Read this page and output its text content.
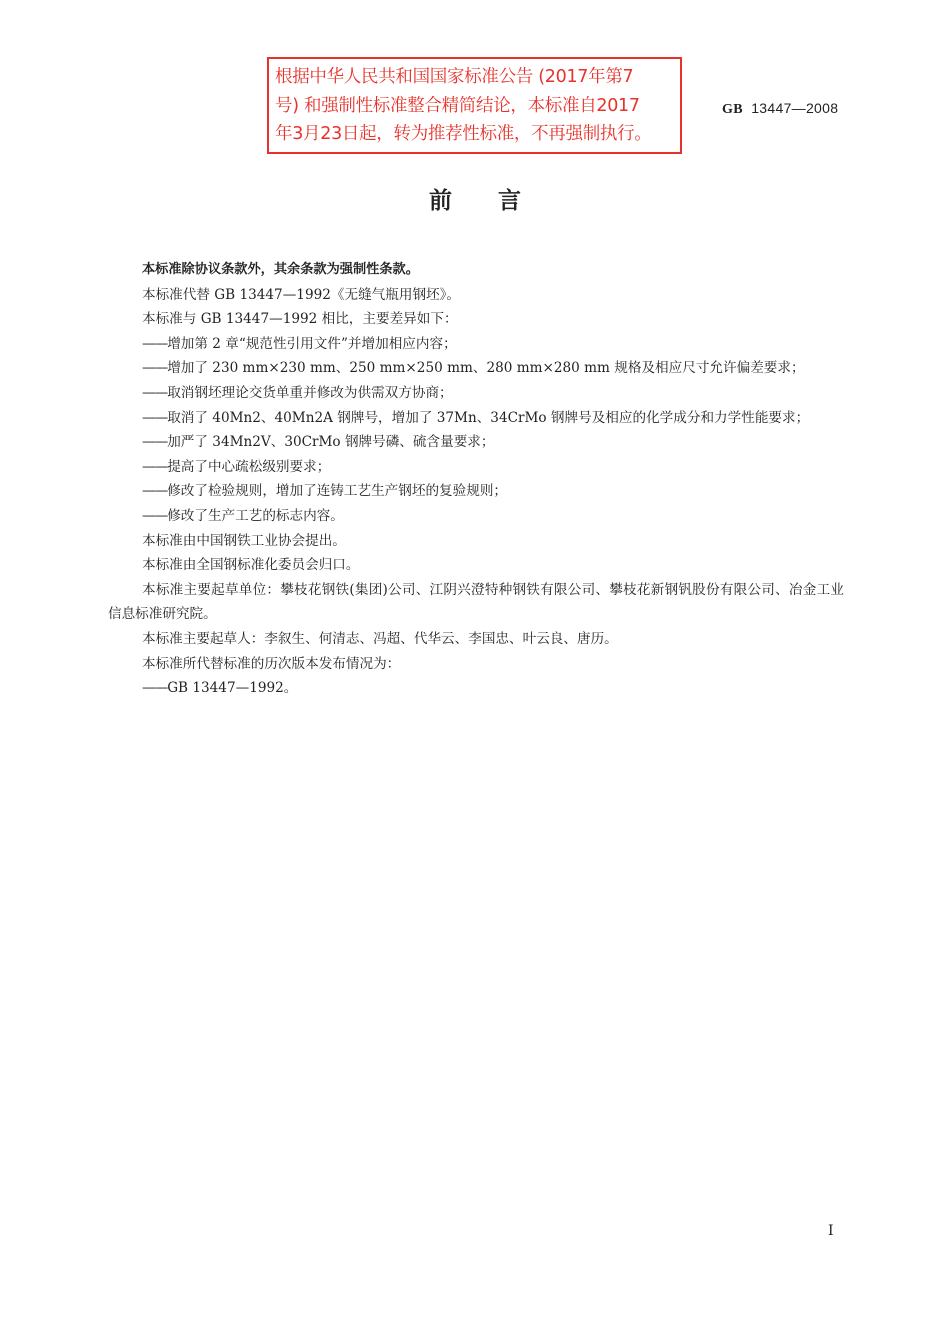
根据中华人民共和国国家标准公告 (2017年第7
号) 和强制性标准整合精简结论，本标准自2017
年3月23日起，转为推荐性标准，不再强制执行。
GB 13447—2008
前言

本标准除协议条款外，其余条款为强制性条款。

本标准代替 GB 13447—1992《无缝气瓶用钢坯》。

本标准与 GB 13447—1992 相比，主要差异如下：

——增加第 2 章“规范性引用文件”并增加相应内容；

——增加了 230 mm×230 mm、250 mm×250 mm、280 mm×280 mm 规格及相应尺寸允许偏差要求；

——取消钢坯理论交货单重并修改为供需双方协商；

——取消了 40Mn2、40Mn2A 钢牌号，增加了 37Mn、34CrMo 钢牌号及相应的化学成分和力学性能要求；

——加严了 34Mn2V、30CrMo 钢牌号磷、硫含量要求；

——提高了中心疏松级别要求；

——修改了检验规则，增加了连铸工艺生产钢坯的复验规则；

——修改了生产工艺的标志内容。

本标准由中国钢铁工业协会提出。

本标准由全国钢标准化委员会归口。

本标准主要起草单位：攀枝花钢铁(集团)公司、江阴兴澄特种钢铁有限公司、攀枝花新钢钒股份有限公司、冶金工业信息标准研究院。

本标准主要起草人：李叙生、何清志、冯超、代华云、李国忠、叶云良、唐历。

本标准所代替标准的历次版本发布情况为：

——GB 13447—1992。

I
